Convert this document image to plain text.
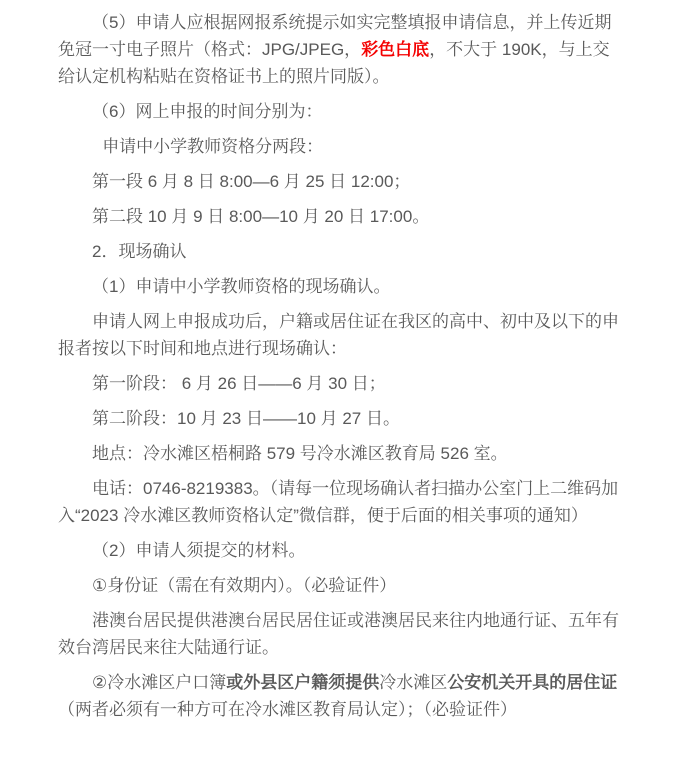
（5）申请人应根据网报系统提示如实完整填报申请信息，并上传近期免冠一寸电子照片（格式：JPG/JPEG，彩色白底，不大于 190K，与上交给认定机构粘贴在资格证书上的照片同版）。

（6）网上申报的时间分别为：

申请中小学教师资格分两段：

第一段 6 月 8 日 8:00—6 月 25 日 12:00；

第二段 10 月 9 日 8:00—10 月 20 日 17:00。

2．现场确认

（1）申请中小学教师资格的现场确认。

申请人网上申报成功后，户籍或居住证在我区的高中、初中及以下的申报者按以下时间和地点进行现场确认：

第一阶段： 6 月 26 日——6 月 30 日；

第二阶段：10 月 23 日——10 月 27 日。

地点：冷水滩区梧桐路 579 号冷水滩区教育局 526 室。

电话：0746-8219383。（请每一位现场确认者扫描办公室门上二维码加入“2023 冷水滩区教师资格认定”微信群，便于后面的相关事项的通知）

（2）申请人须提交的材料。

①身份证（需在有效期内）。（必验证件）

港澳台居民提供港澳台居民居住证或港澳居民来往内地通行证、五年有效台湾居民来往大陆通行证。

②冷水滩区户口簿或外县区户籍须提供冷水滩区公安机关开具的居住证（两者必须有一种方可在冷水滩区教育局认定）；（必验证件）
